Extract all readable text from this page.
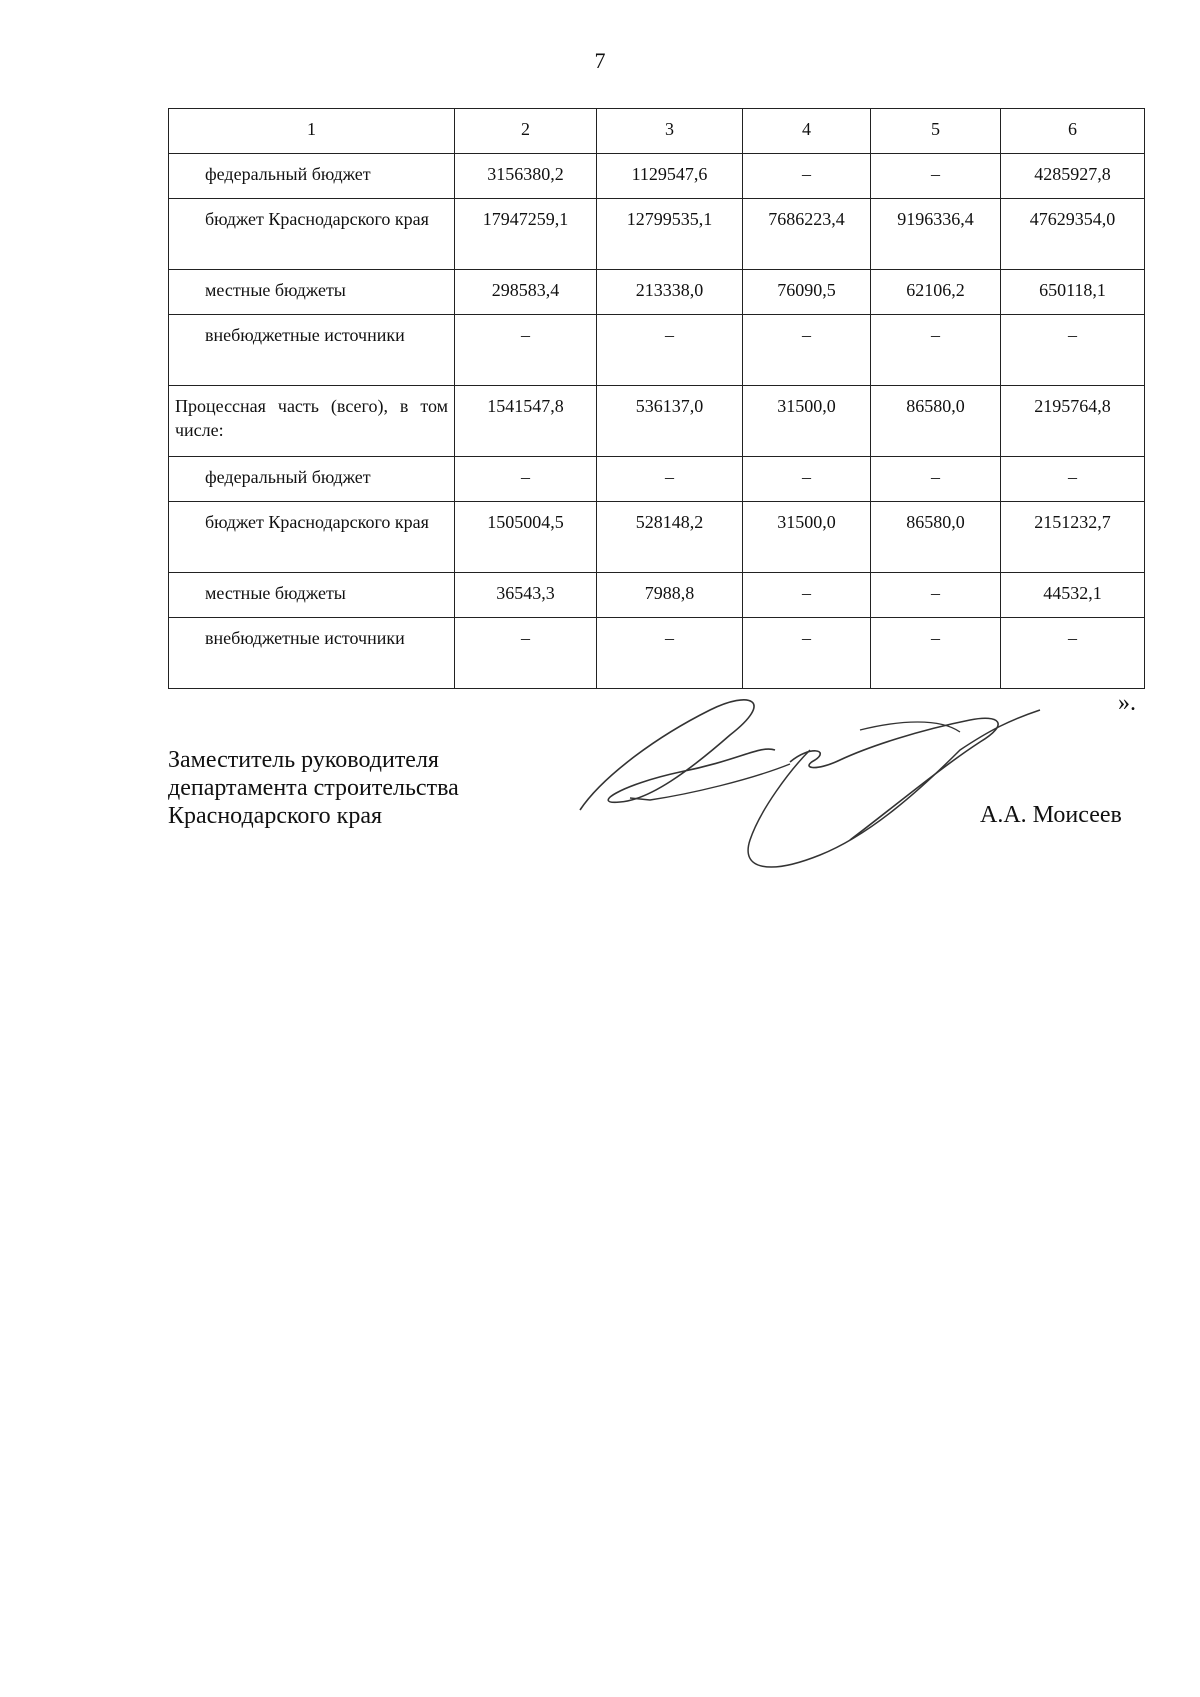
7
1	2	3	4	5	6
федеральный бюджет	3156380,2	1129547,6	–	–	4285927,8
бюджет Краснодарского края	17947259,1	12799535,1	7686223,4	9196336,4	47629354,0
местные бюджеты	298583,4	213338,0	76090,5	62106,2	650118,1
внебюджетные источники	–	–	–	–	–
Процессная часть (всего), в том числе:	1541547,8	536137,0	31500,0	86580,0	2195764,8
федеральный бюджет	–	–	–	–	–
бюджет Краснодарского края	1505004,5	528148,2	31500,0	86580,0	2151232,7
местные бюджеты	36543,3	7988,8	–	–	44532,1
внебюджетные источники	–	–	–	–	–
».
Заместитель руководителя
департамента строительства
Краснодарского края	А.А. Моисеев
